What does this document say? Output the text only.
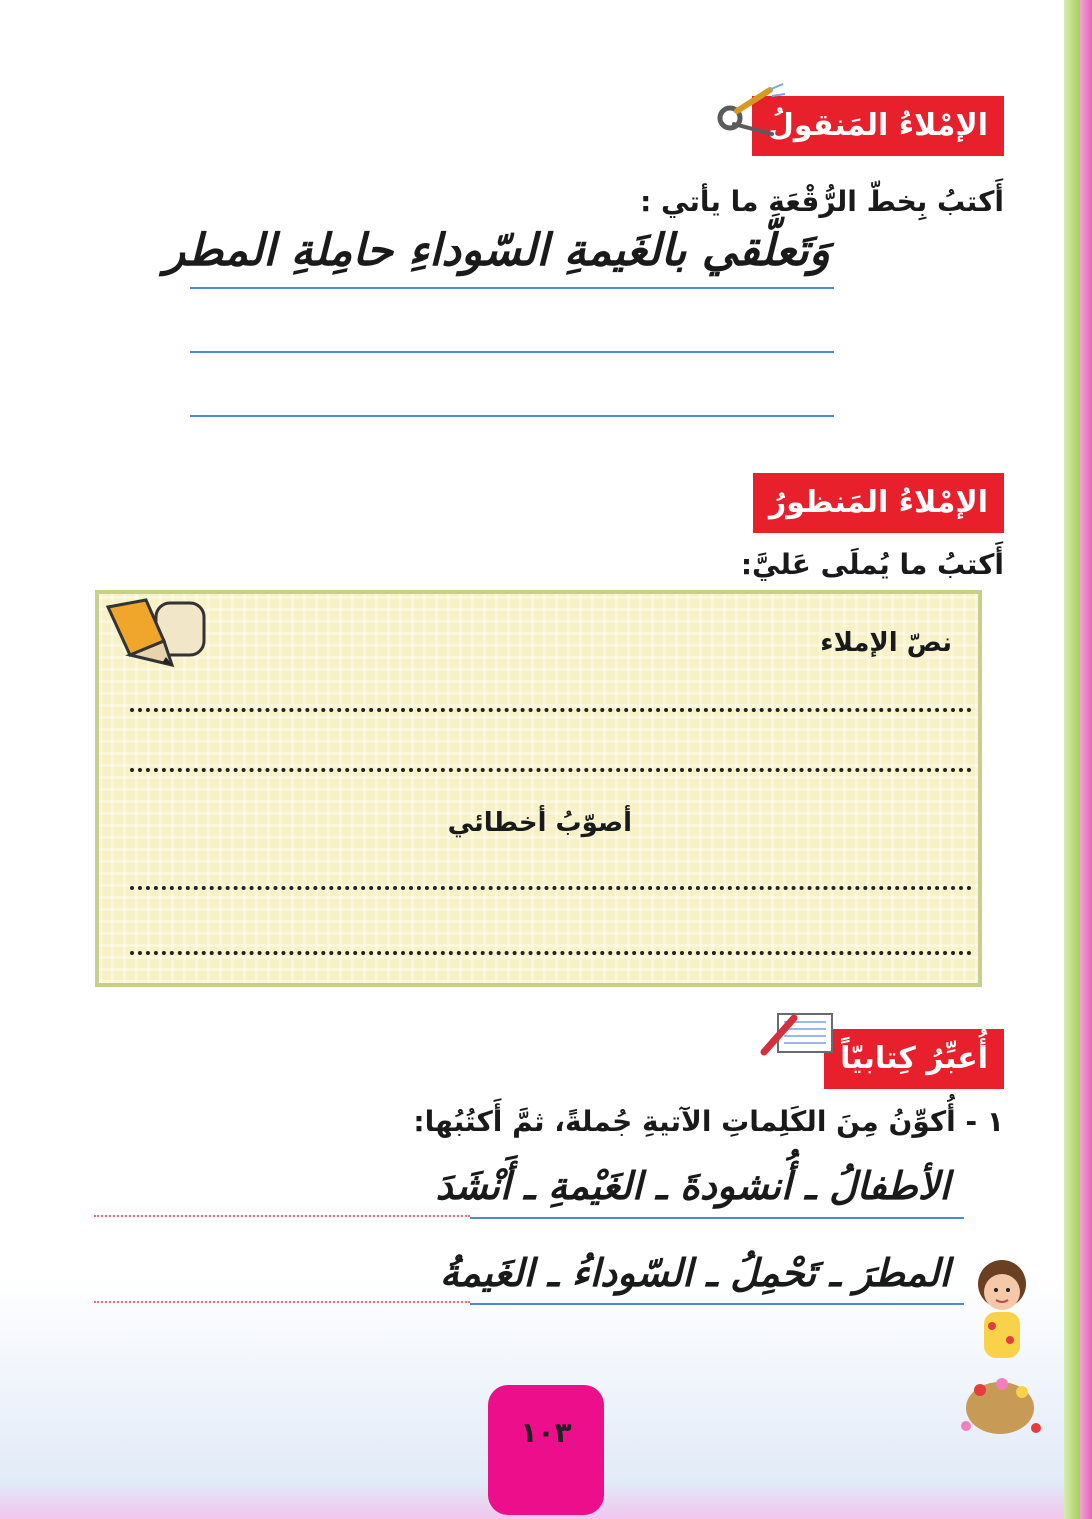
الإمْلاءُ المَنقولُ
أَكتبُ بِخطّ الرُّقْعَةِ ما يأتي :
وَتَعلّقي بالغَيمةِ السّوداءِ حامِلةِ المطر
الإمْلاءُ المَنظورُ
أَكتبُ ما يُملَى عَليَّ:
نصّ الإملاء
أصوّبُ أخطائي
أُعبِّرُ كِتابيّاً
١ - أُكوِّنُ مِنَ الكَلِماتِ الآتيةِ جُملةً، ثمَّ أَكتُبُها:
الأطفالُ ـ أُنشودةَ ـ الغَيْمةِ ـ أَنْشَدَ
المطرَ ـ تَحْمِلُ ـ السّوداءُ ـ الغَيمةُ
١٠٣
